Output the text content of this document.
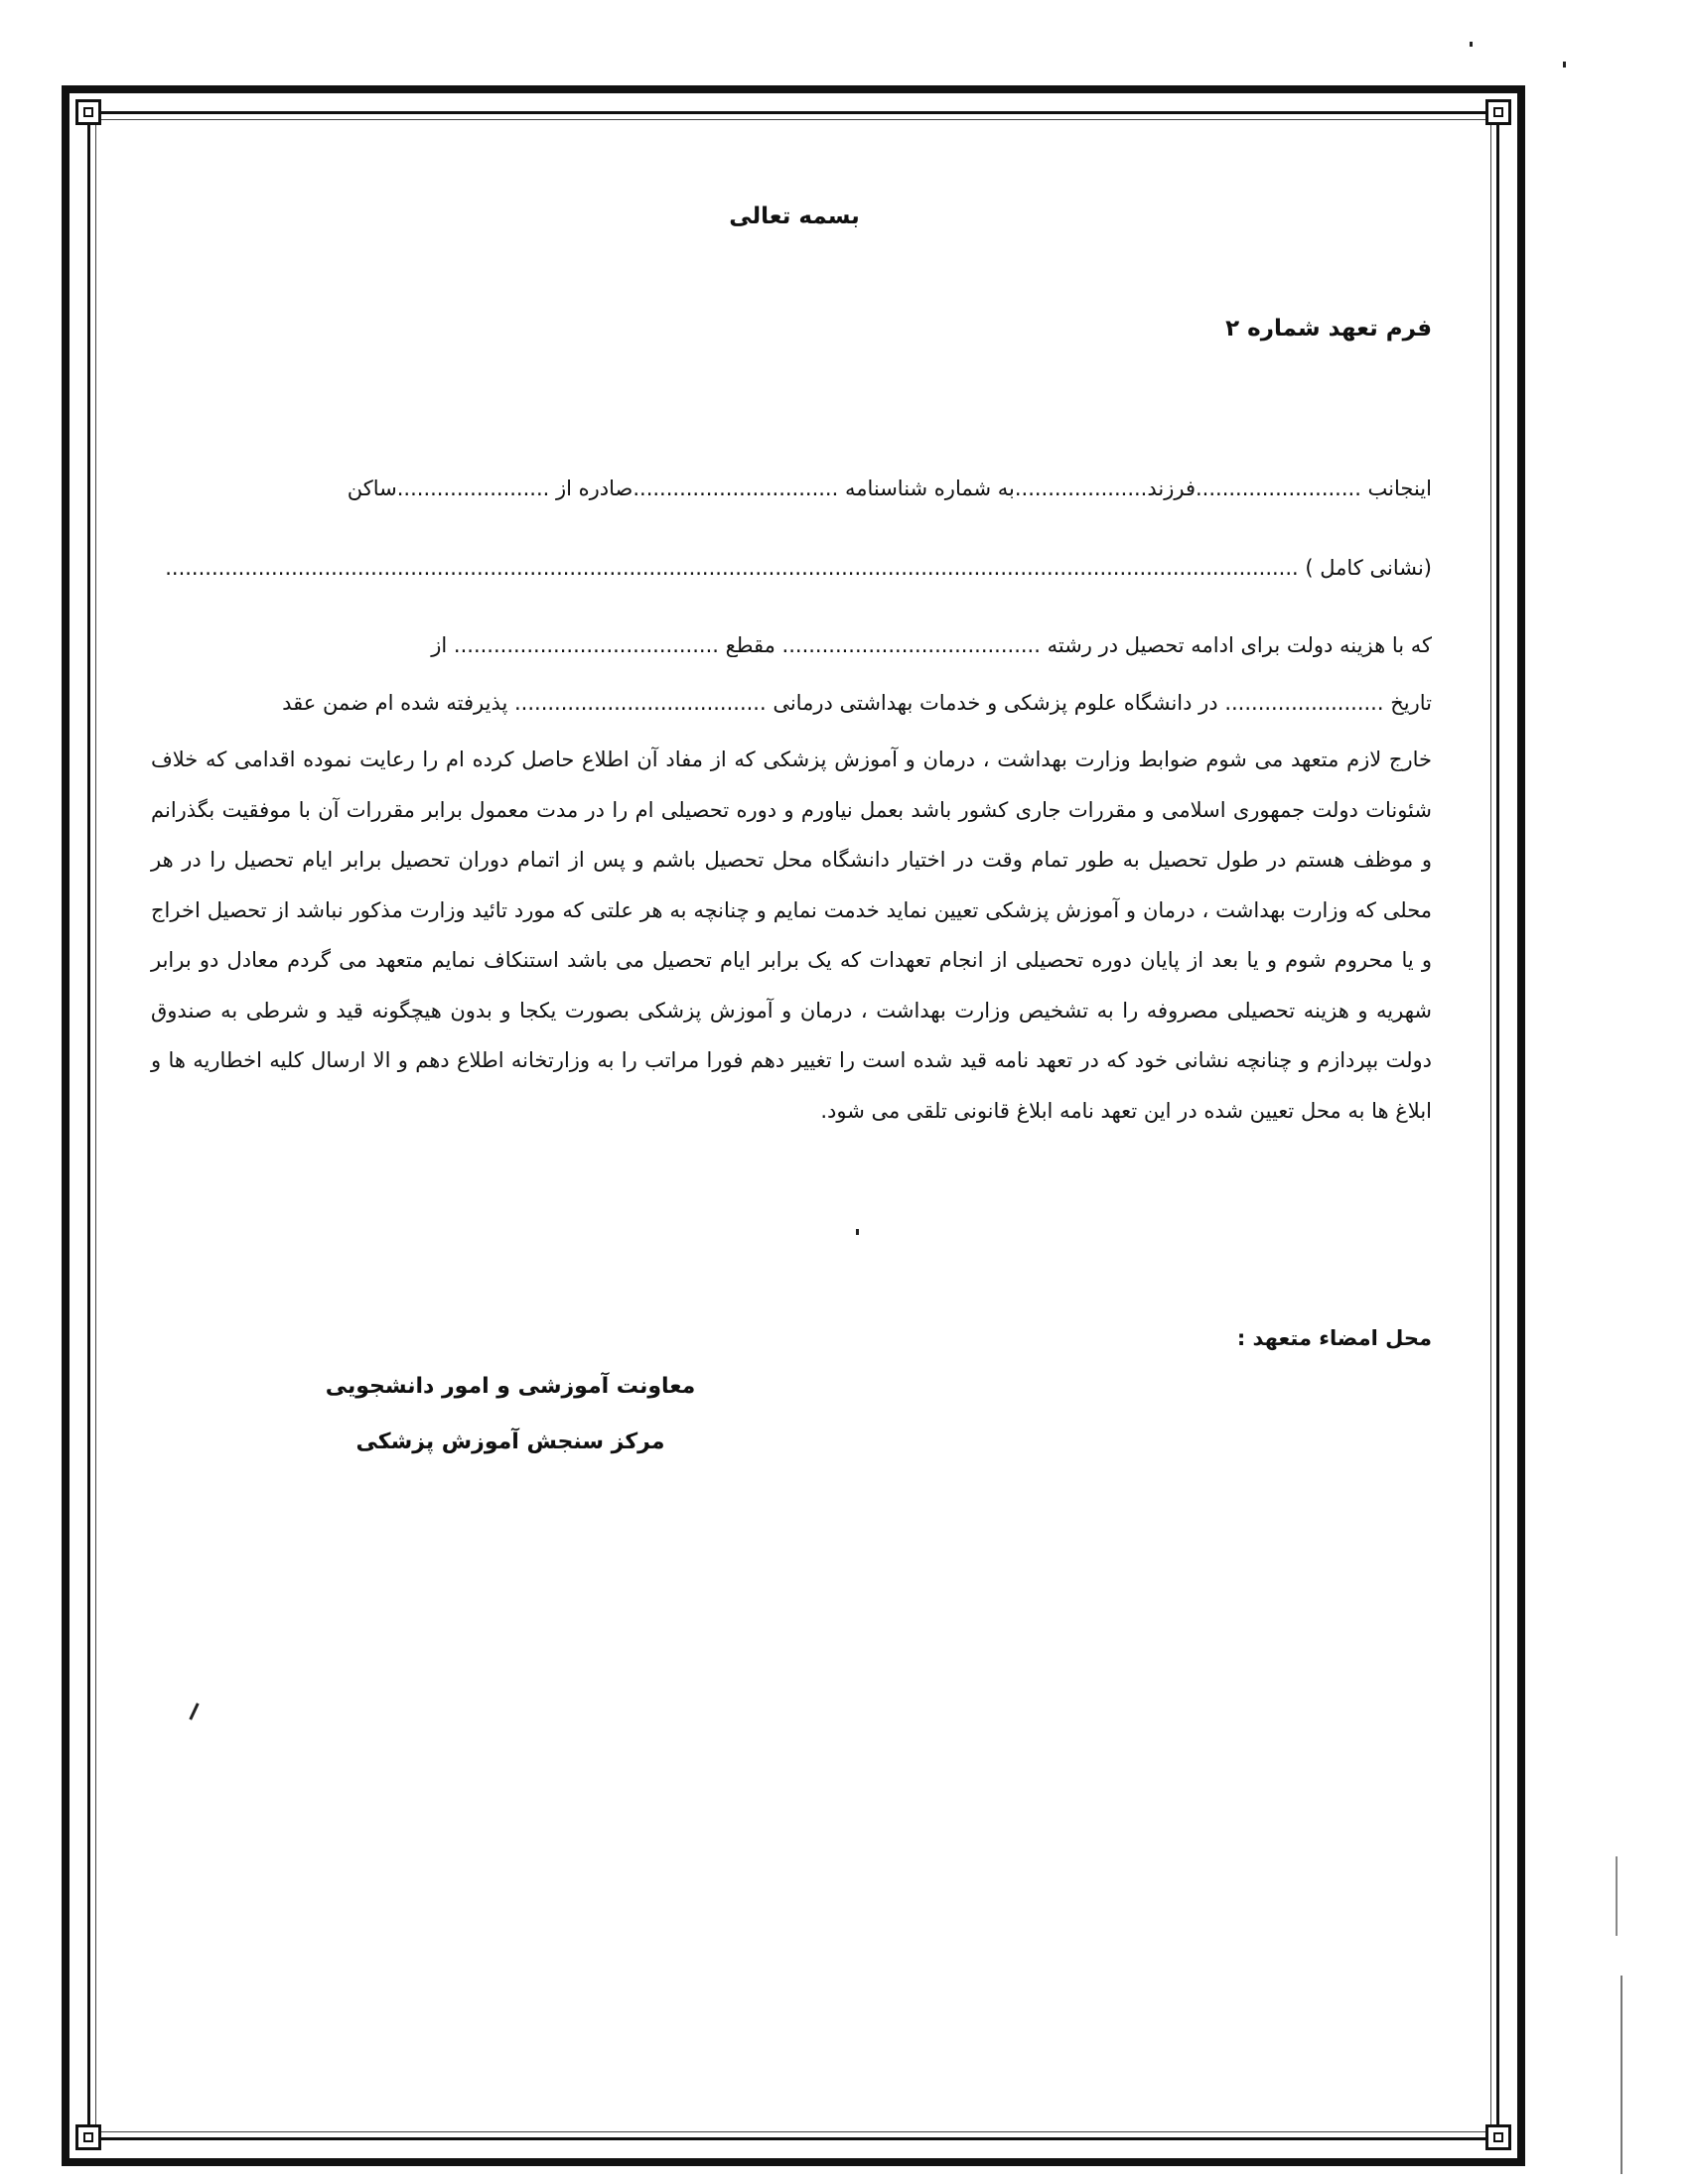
بسمه تعالی
فرم تعهد شماره ۲
اینجانب .........................فرزند....................به شماره شناسنامه ...............................صادره از .......................ساکن
(نشانی کامل ) ...........................................................................................................................................................................
که با هزینه دولت برای ادامه تحصیل در رشته ....................................... مقطع ........................................ از
تاریخ ........................ در دانشگاه علوم پزشکی و خدمات بهداشتی درمانی ...................................... پذیرفته شده ام ضمن عقد
خارج لازم متعهد می شوم ضوابط وزارت بهداشت ، درمان و آموزش پزشکی که از مفاد آن اطلاع حاصل کرده ام را رعایت نموده اقدامی که خلاف شئونات دولت جمهوری اسلامی و مقررات جاری کشور باشد بعمل نیاورم و دوره تحصیلی ام را در مدت معمول برابر مقررات آن با موفقیت بگذرانم و موظف هستم در طول تحصیل به طور تمام وقت در اختیار دانشگاه محل تحصیل باشم و پس از اتمام دوران تحصیل برابر ایام تحصیل را در هر محلی که وزارت بهداشت ، درمان و آموزش پزشکی تعیین نماید خدمت نمایم و چنانچه به هر علتی که مورد تائید وزارت مذکور نباشد از تحصیل اخراج و یا محروم شوم و یا بعد از پایان دوره تحصیلی از انجام تعهدات که یک برابر ایام تحصیل می باشد استنکاف نمایم متعهد می گردم معادل دو برابر شهریه و هزینه تحصیلی مصروفه را به تشخیص وزارت بهداشت ، درمان و آموزش پزشکی بصورت یکجا و بدون هیچگونه قید و شرطی به صندوق دولت بپردازم و چنانچه نشانی خود که در تعهد نامه قید شده است را تغییر دهم فورا مراتب را به وزارتخانه اطلاع دهم و الا ارسال کلیه اخطاریه ها و ابلاغ ها به محل تعیین شده در این تعهد نامه ابلاغ قانونی تلقی می شود.
محل امضاء متعهد :
معاونت آموزشی و امور دانشجویی
مرکز سنجش آموزش پزشکی
